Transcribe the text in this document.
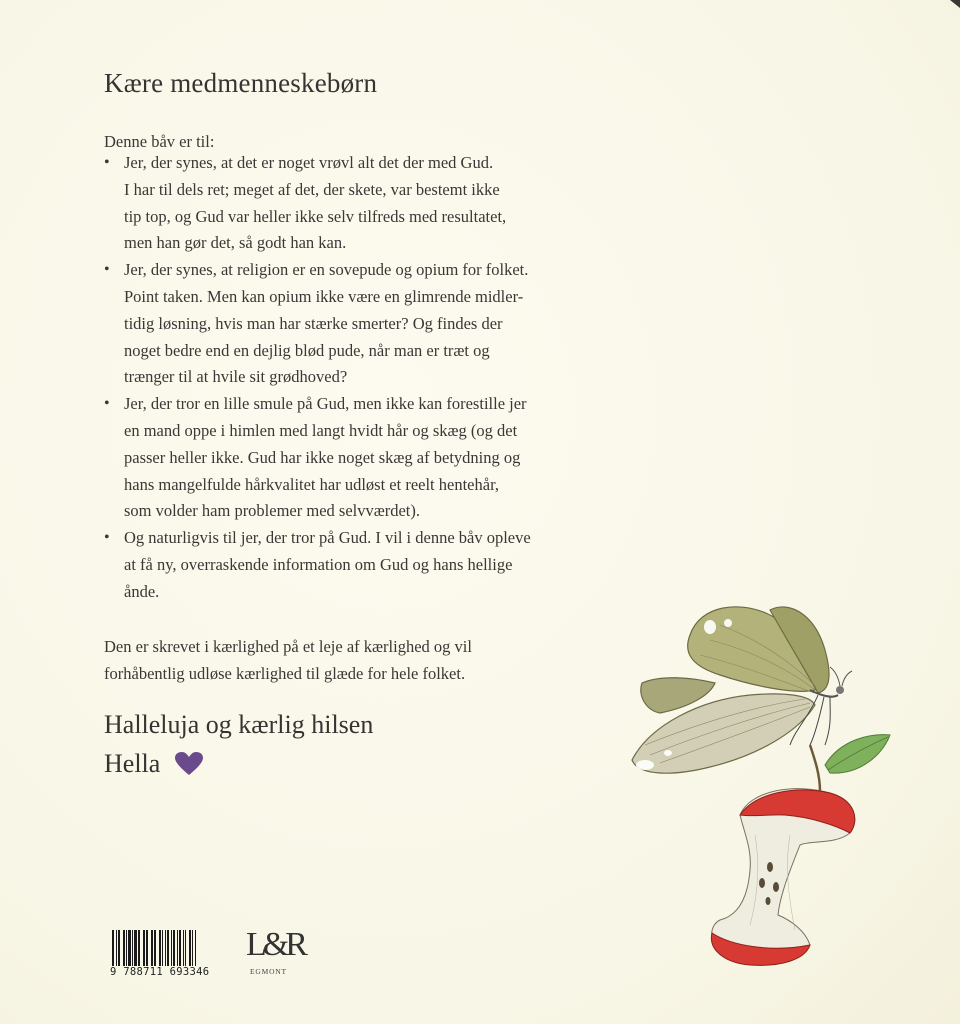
Kære medmenneskebørn

Denne båv er til:

• Jer, der synes, at det er noget vrøvl alt det der med Gud.
I har til dels ret; meget af det, der skete, var bestemt ikke
tip top, og Gud var heller ikke selv tilfreds med resultatet,
men han gør det, så godt han kan.
• Jer, der synes, at religion er en sovepude og opium for folket.
Point taken. Men kan opium ikke være en glimrende midler-
tidig løsning, hvis man har stærke smerter? Og findes der
noget bedre end en dejlig blød pude, når man er træt og
trænger til at hvile sit grødhoved?
• Jer, der tror en lille smule på Gud, men ikke kan forestille jer
en mand oppe i himlen med langt hvidt hår og skæg (og det
passer heller ikke. Gud har ikke noget skæg af betydning og
hans mangelfulde hårkvalitet har udløst et reelt hentehår,
som volder ham problemer med selvværdet).
• Og naturligvis til jer, der tror på Gud. I vil i denne båv opleve
at få ny, overraskende information om Gud og hans hellige
ånde.

Den er skrevet i kærlighed på et leje af kærlighed og vil
forhåbentlig udløse kærlighed til glæde for hele folket.

Halleluja og kærlig hilsen

Hella

9 788711 693346
L&R
EGMONT
